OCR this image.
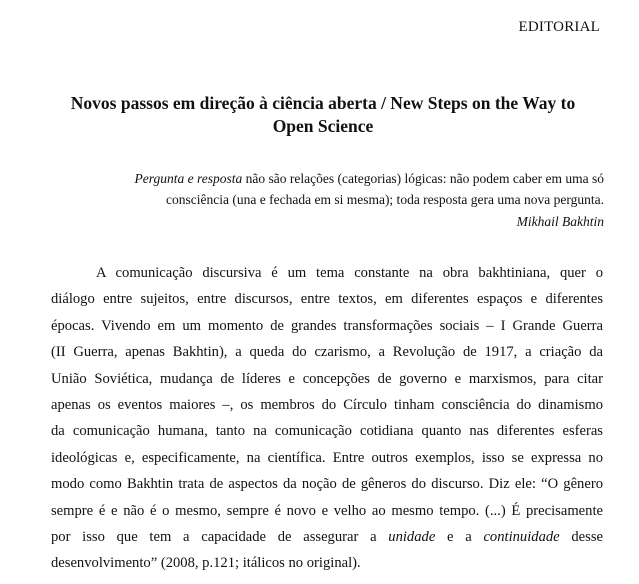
EDITORIAL
Novos passos em direção à ciência aberta / New Steps on the Way to
Open Science
Pergunta e resposta não são relações (categorias) lógicas: não podem caber em uma só
consciência (una e fechada em si mesma); toda resposta gera uma nova pergunta.
Mikhail Bakhtin
A comunicação discursiva é um tema constante na obra bakhtiniana, quer o
diálogo entre sujeitos, entre discursos, entre textos, em diferentes espaços e diferentes
épocas. Vivendo em um momento de grandes transformações sociais – I Grande Guerra
(II Guerra, apenas Bakhtin), a queda do czarismo, a Revolução de 1917, a criação da
União Soviética, mudança de líderes e concepções de governo e marxismos, para citar
apenas os eventos maiores –, os membros do Círculo tinham consciência do dinamismo
da comunicação humana, tanto na comunicação cotidiana quanto nas diferentes esferas
ideológicas e, especificamente, na científica. Entre outros exemplos, isso se expressa no
modo como Bakhtin trata de aspectos da noção de gêneros do discurso. Diz ele: “O gênero
sempre é e não é o mesmo, sempre é novo e velho ao mesmo tempo. (...) É precisamente
por isso que tem a capacidade de assegurar a unidade e a continuidade desse
desenvolvimento” (2008, p.121; itálicos no original).
